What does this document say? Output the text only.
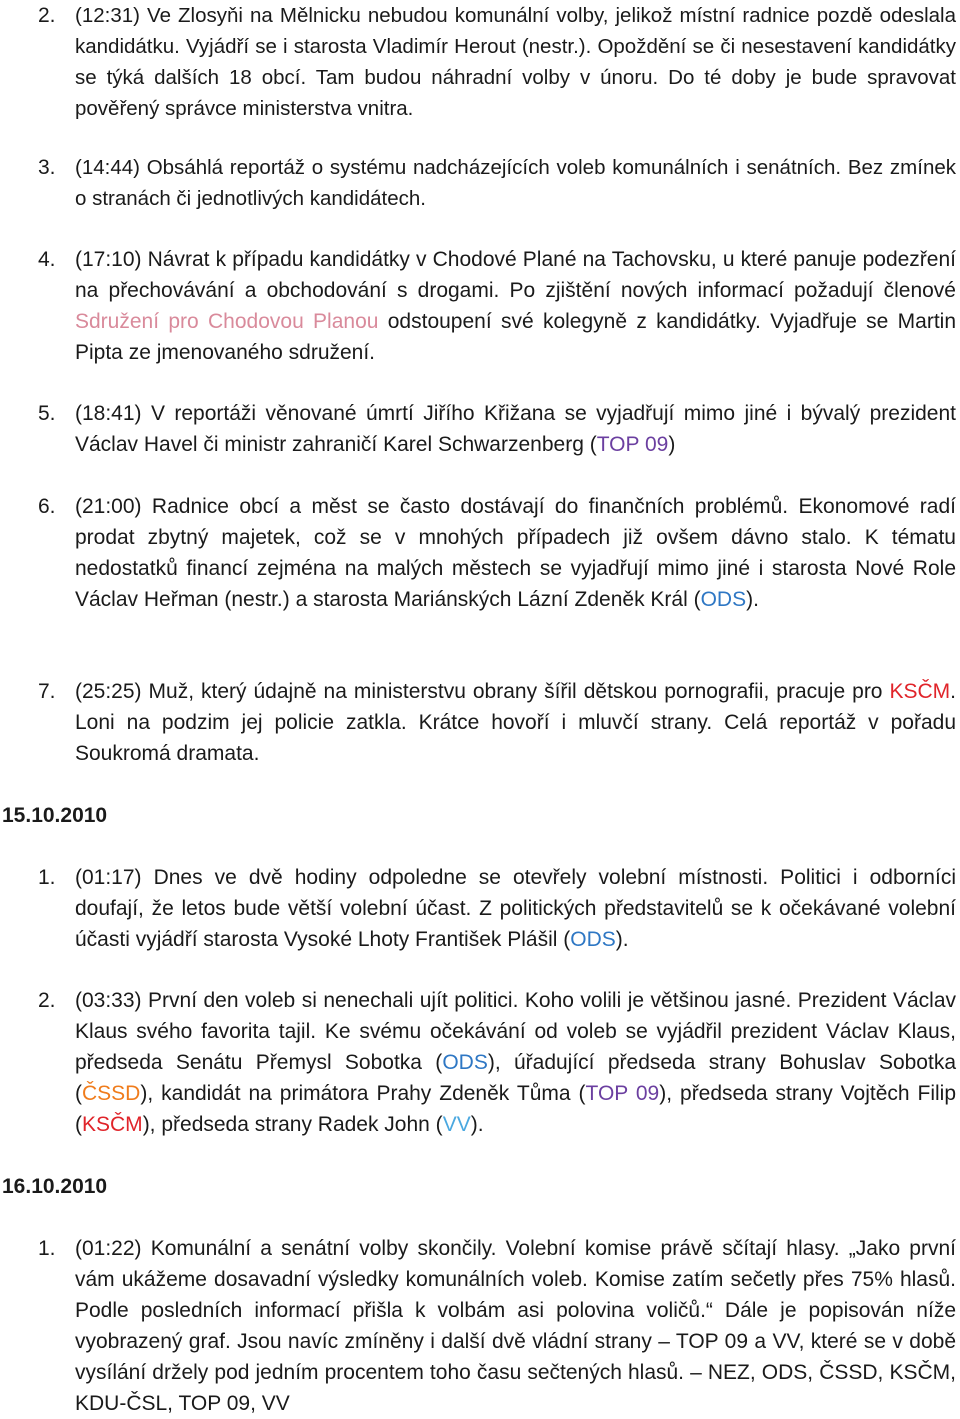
2. (12:31) Ve Zlosyňi na Mělnicku nebudou komunální volby, jelikož místní radnice pozdě odeslala kandidátku. Vyjádří se i starosta Vladimír Herout (nestr.). Opoždění se či nesestavení kandidátky se týká dalších 18 obcí. Tam budou náhradní volby v únoru. Do té doby je bude spravovat pověřený správce ministerstva vnitra.
3. (14:44) Obsáhlá reportáž o systému nadcházejících voleb komunálních i senátních. Bez zmínek o stranách či jednotlivých kandidátech.
4. (17:10) Návrat k případu kandidátky v Chodové Plané na Tachovsku, u které panuje podezření na přechovávání a obchodování s drogami. Po zjištění nových informací požadují členové Sdružení pro Chodovou Planou odstoupení své kolegyně z kandidátky. Vyjadřuje se Martin Pipta ze jmenovaného sdružení.
5. (18:41) V reportáži věnované úmrtí Jiřího Křižana se vyjadřují mimo jiné i bývalý prezident Václav Havel či ministr zahraničí Karel Schwarzenberg (TOP 09)
6. (21:00) Radnice obcí a měst se často dostávají do finančních problémů. Ekonomové radí prodat zbytný majetek, což se v mnohých případech již ovšem dávno stalo. K tématu nedostatků financí zejména na malých městech se vyjadřují mimo jiné i starosta Nové Role Václav Heřman (nestr.) a starosta Mariánských Lázní Zdeněk Král (ODS).
7. (25:25) Muž, který údajně na ministerstvu obrany šířil dětskou pornografii, pracuje pro KSČM. Loni na podzim jej policie zatkla. Krátce hovoří i mluvčí strany. Celá reportáž v pořadu Soukromá dramata.
15.10.2010
1. (01:17) Dnes ve dvě hodiny odpoledne se otevřely volební místnosti. Politici i odborníci doufají, že letos bude větší volební účast. Z politických představitelů se k očekávané volební účasti vyjádří starosta Vysoké Lhoty František Plášil (ODS).
2. (03:33) První den voleb si nenechali ujít politici. Koho volili je většinou jasné. Prezident Václav Klaus svého favorita tajil. Ke svému očekávání od voleb se vyjádřil prezident Václav Klaus, předseda Senátu Přemysl Sobotka (ODS), úřadující předseda strany Bohuslav Sobotka (ČSSD), kandidát na primátora Prahy Zdeněk Tůma (TOP 09), předseda strany Vojtěch Filip (KSČM), předseda strany Radek John (VV).
16.10.2010
1. (01:22) Komunální a senátní volby skončily. Volební komise právě sčítají hlasy. „Jako první vám ukážeme dosavadní výsledky komunálních voleb. Komise zatím sečetly přes 75% hlasů. Podle posledních informací přišla k volbám asi polovina voličů.“ Dále je popisován níže vyobrazený graf. Jsou navíc zmíněny i další dvě vládní strany – TOP 09 a VV, které se v době vysílání držely pod jedním procentem toho času sečtených hlasů. – NEZ, ODS, ČSSD, KSČM, KDU-ČSL, TOP 09, VV
